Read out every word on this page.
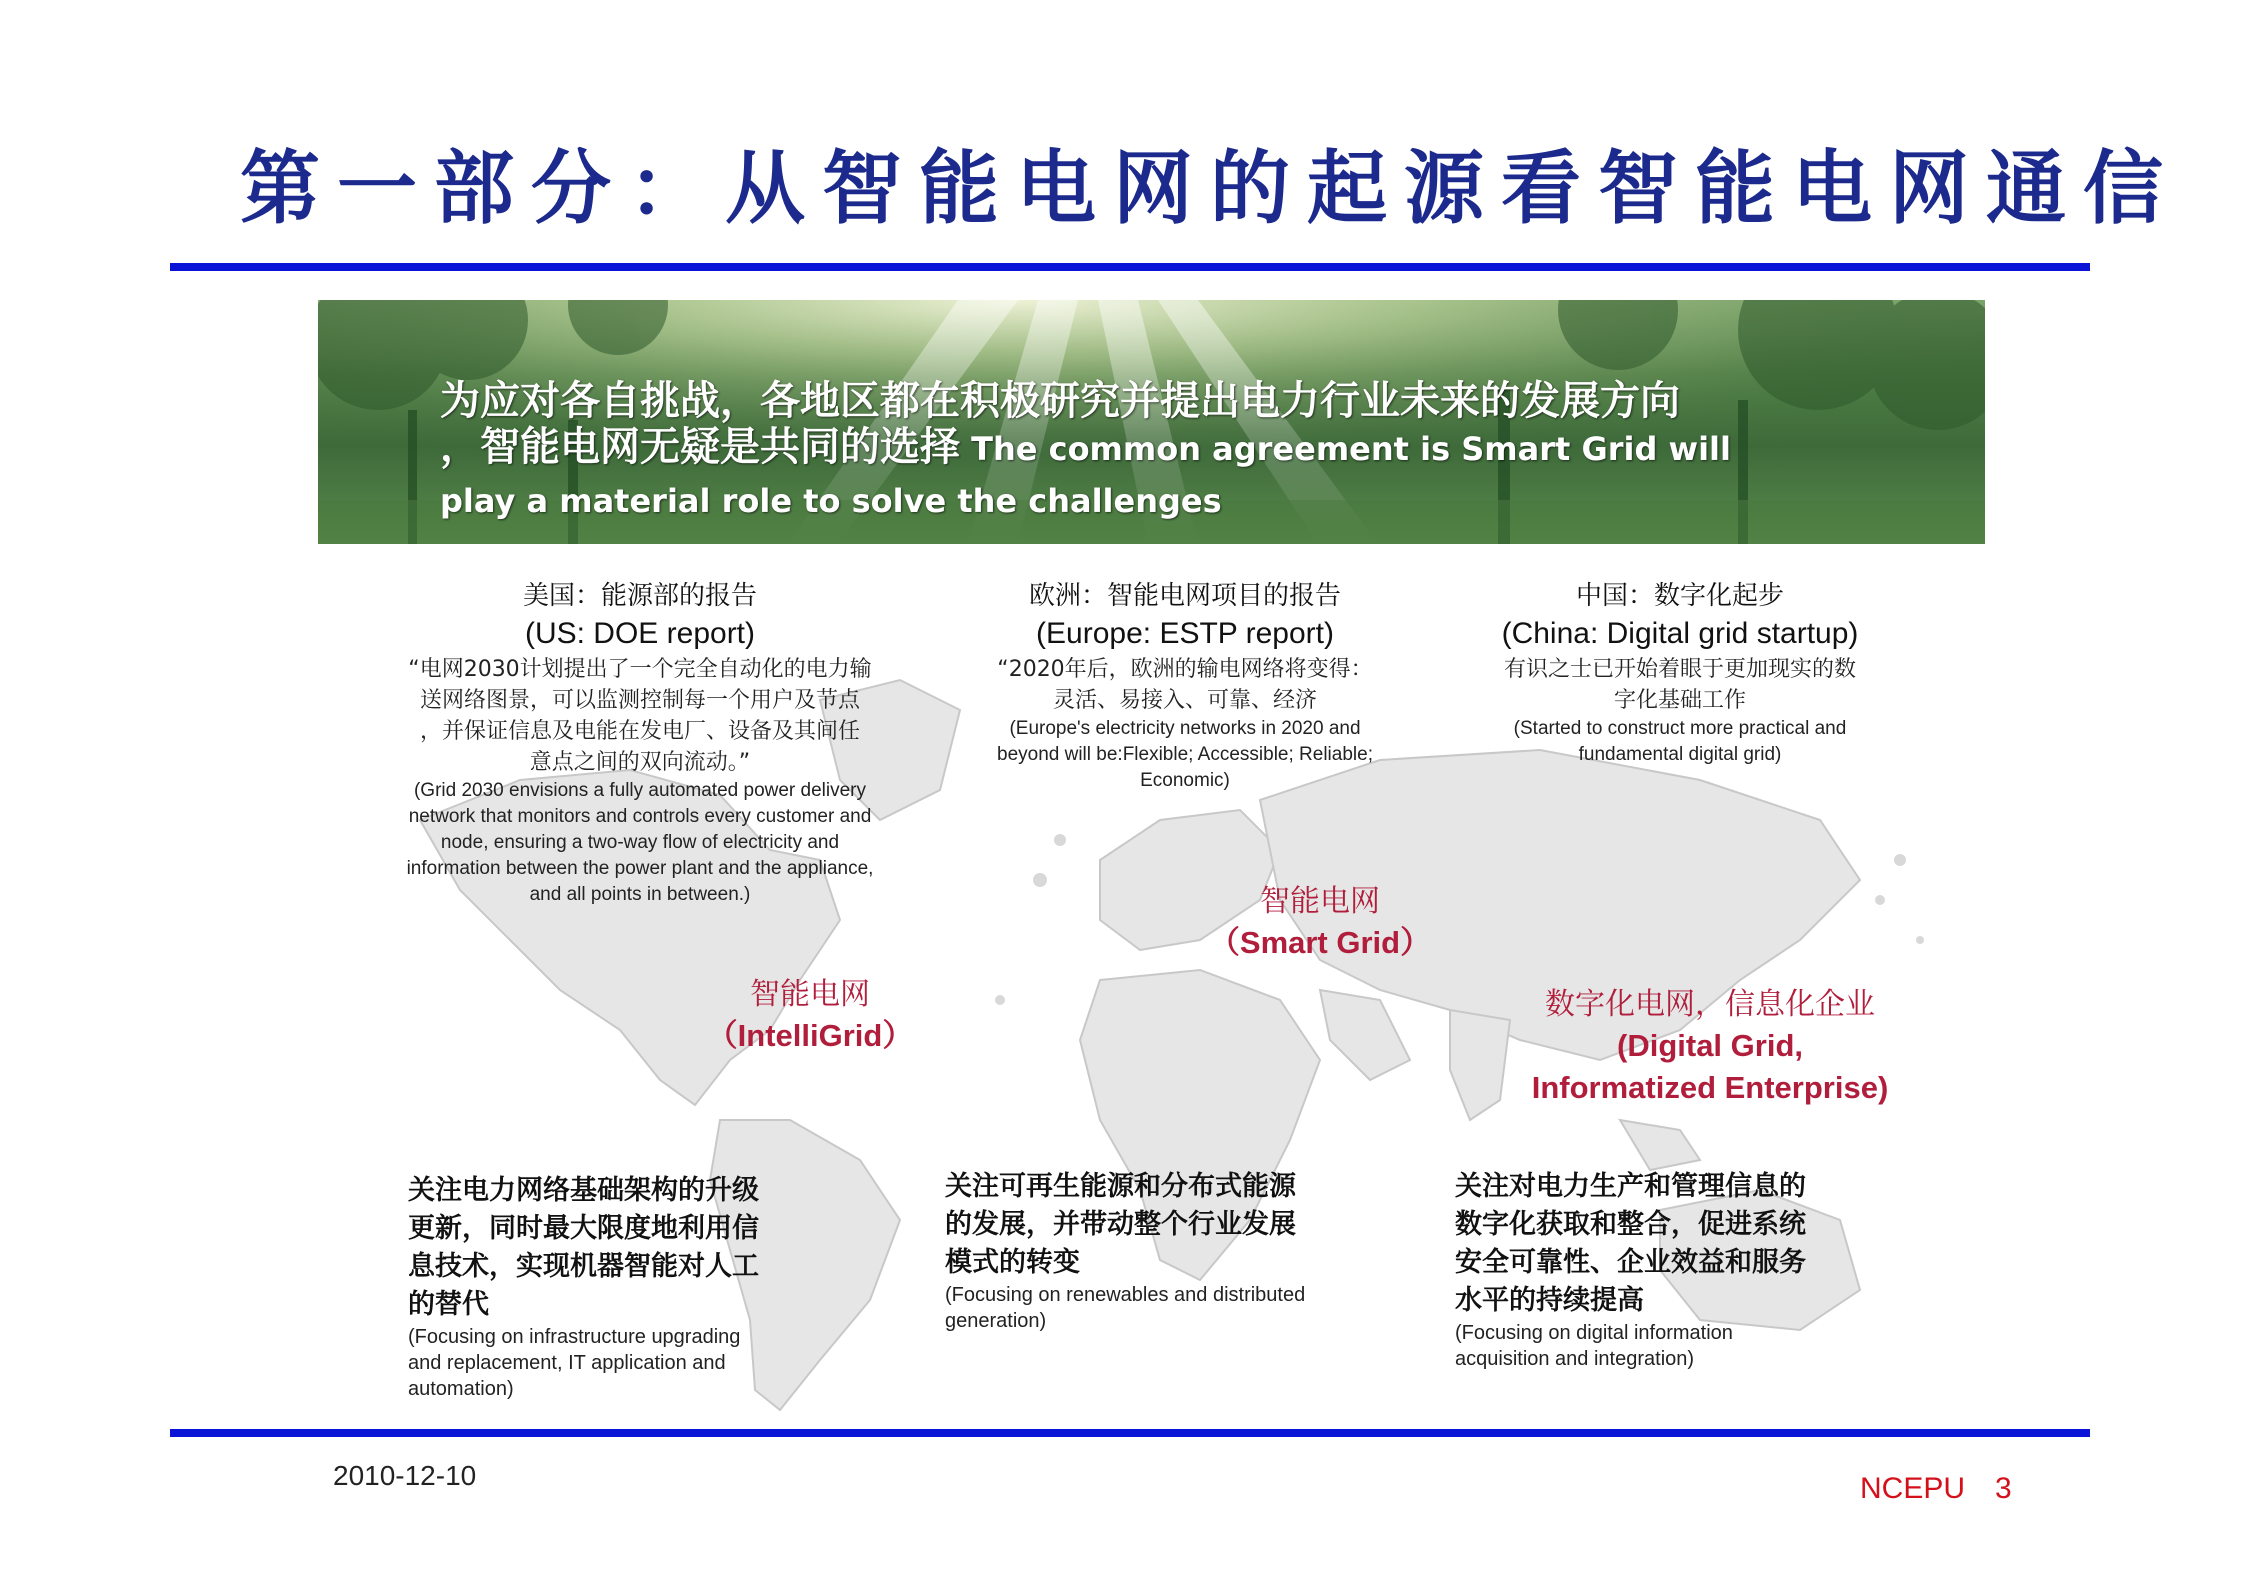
第一部分：从智能电网的起源看智能电网通信
为应对各自挑战，各地区都在积极研究并提出电力行业未来的发展方向
，智能电网无疑是共同的选择 The common agreement is Smart Grid will
play a material role to solve the challenges
美国：能源部的报告
(US: DOE report)
“电网2030计划提出了一个完全自动化的电力输
送网络图景，可以监测控制每一个用户及节点
，并保证信息及电能在发电厂、设备及其间任
意点之间的双向流动。”
(Grid 2030 envisions a fully automated power delivery
network that monitors and controls every customer and
node, ensuring a two-way flow of electricity and
information between the power plant and the appliance,
and all points in between.)
欧洲：智能电网项目的报告
(Europe: ESTP report)
“2020年后，欧洲的输电网络将变得：
灵活、易接入、可靠、经济
(Europe's electricity networks in 2020 and
beyond will be:Flexible; Accessible; Reliable;
Economic)
中国：数字化起步
(China: Digital grid startup)
有识之士已开始着眼于更加现实的数
字化基础工作
(Started to construct more practical and
fundamental digital grid)
智能电网
（IntelliGrid）
智能电网
（Smart Grid）
数字化电网，信息化企业
(Digital Grid,
Informatized Enterprise)
关注电力网络基础架构的升级
更新，同时最大限度地利用信
息技术，实现机器智能对人工
的替代
(Focusing on infrastructure upgrading
and replacement, IT application and
automation)
关注可再生能源和分布式能源
的发展，并带动整个行业发展
模式的转变
(Focusing on renewables and distributed
generation)
关注对电力生产和管理信息的
数字化获取和整合，促进系统
安全可靠性、企业效益和服务
水平的持续提高
(Focusing on digital information
acquisition and integration)
2010-12-10	NCEPU 3
